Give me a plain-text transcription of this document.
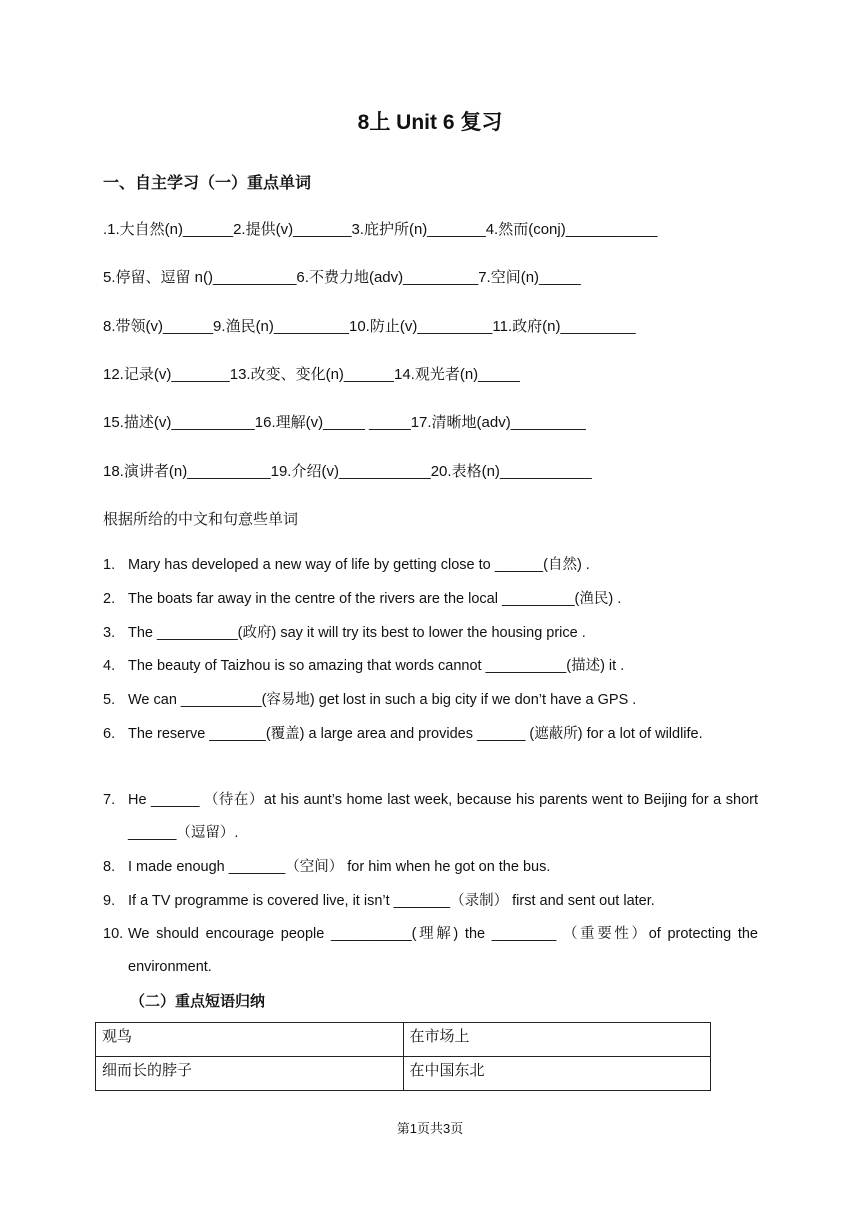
8上 Unit 6 复习
一、自主学习（一）重点单词
.1.大自然(n)______2.提供(v)_______3.庇护所(n)_______4.然而(conj)___________
5.停留、逗留 n()__________6.不费力地(adv)_________7.空间(n)_____
8.带领(v)______9.渔民(n)_________10.防止(v)_________11.政府(n)_________
12.记录(v)_______13.改变、变化(n)______14.观光者(n)_____
15.描述(v)__________16.理解(v)_____ _____17.清晰地(adv)_________
18.演讲者(n)__________19.介绍(v)___________20.表格(n)___________
根据所给的中文和句意些单词
1. Mary has developed a new way of life by getting close to ______(自然) .
2. The boats far away in the centre of the rivers are the local _________(渔民) .
3. The __________(政府) say it will try its best to lower the housing price .
4. The beauty of Taizhou is so amazing that words cannot __________(描述) it .
5. We can __________(容易地) get lost in such a big city if we don’t have a GPS .
6. The reserve _______(覆盖) a large area and provides ______ (遮蔽所) for a lot of wildlife.
7. He ______ （待在）at his aunt’s home last week, because his parents went to Beijing for a short ______（逗留）.
8. I made enough _______（空间） for him when he got on the bus.
9. If a TV programme is covered live, it isn’t _______（录制） first and sent out later.
10. We should encourage people __________(理解) the ________ （重要性）of protecting the environment.
（二）重点短语归纳
观鸟	在市场上
细而长的脖子	在中国东北
第1页共3页
